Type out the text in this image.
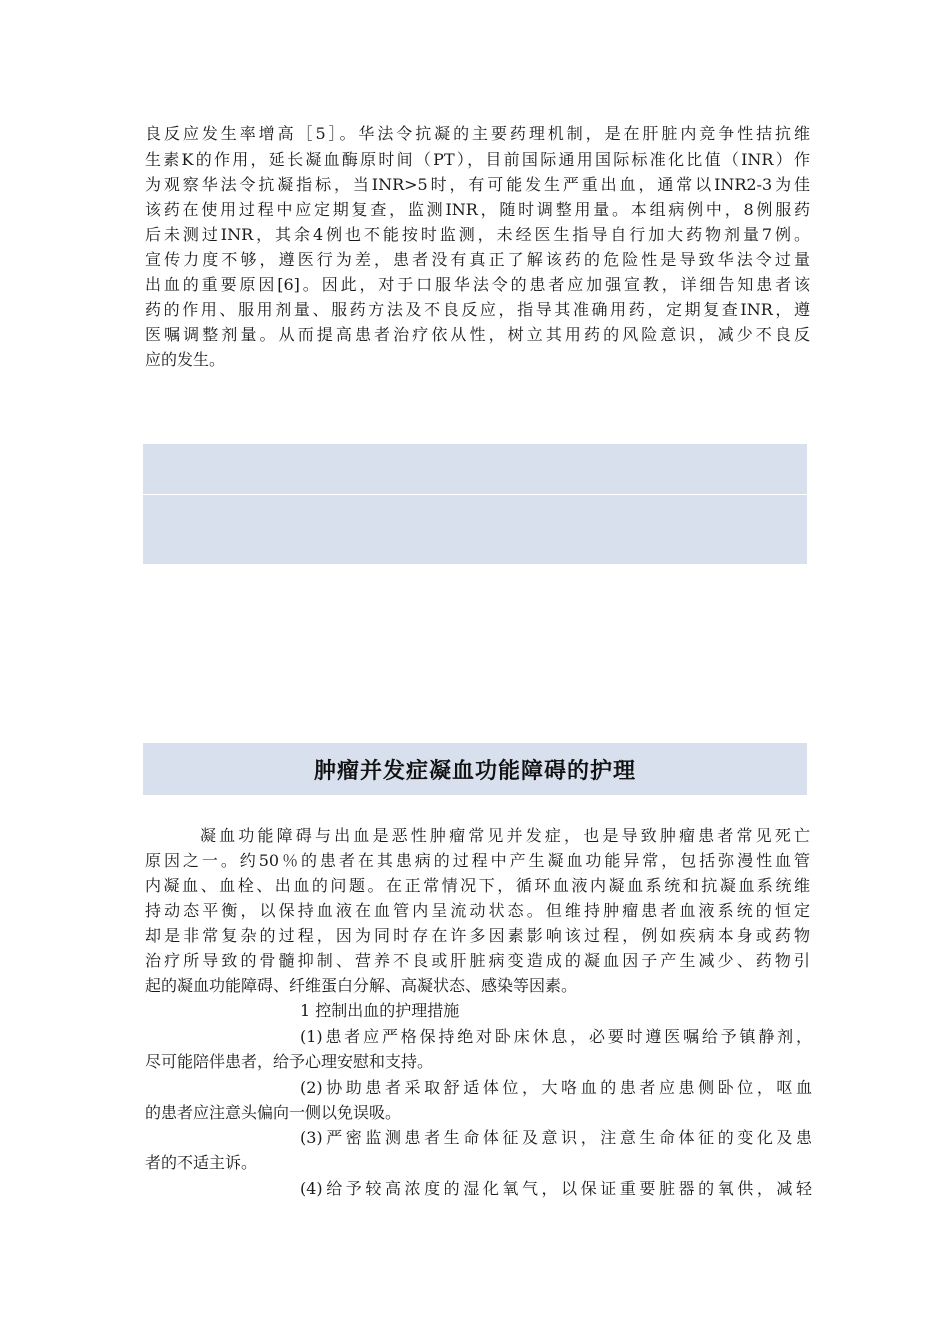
良反应发生率增高［5］。华法令抗凝的主要药理机制，是在肝脏内竞争性拮抗维
生素K的作用，延长凝血酶原时间（PT），目前国际通用国际标准化比值（INR）作
为观察华法令抗凝指标，当INR>5时，有可能发生严重出血，通常以INR2-3为佳
该药在使用过程中应定期复查，监测INR，随时调整用量。本组病例中，8例服药
后未测过INR，其余4例也不能按时监测，未经医生指导自行加大药物剂量7例。
宣传力度不够，遵医行为差，患者没有真正了解该药的危险性是导致华法令过量
出血的重要原因[6]。因此，对于口服华法令的患者应加强宣教，详细告知患者该
药的作用、服用剂量、服药方法及不良反应，指导其准确用药，定期复查INR，遵
医嘱调整剂量。从而提高患者治疗依从性，树立其用药的风险意识，减少不良反
应的发生。
肿瘤并发症凝血功能障碍的护理
凝血功能障碍与出血是恶性肿瘤常见并发症，也是导致肿瘤患者常见死亡
原因之一。约50％的患者在其患病的过程中产生凝血功能异常，包括弥漫性血管
内凝血、血栓、出血的问题。在正常情况下，循环血液内凝血系统和抗凝血系统维
持动态平衡，以保持血液在血管内呈流动状态。但维持肿瘤患者血液系统的恒定
却是非常复杂的过程，因为同时存在许多因素影响该过程，例如疾病本身或药物
治疗所导致的骨髓抑制、营养不良或肝脏病变造成的凝血因子产生减少、药物引
起的凝血功能障碍、纤维蛋白分解、高凝状态、感染等因素。
1 控制出血的护理措施
(1)患者应严格保持绝对卧床休息，必要时遵医嘱给予镇静剂，
尽可能陪伴患者，给予心理安慰和支持。
(2)协助患者采取舒适体位，大咯血的患者应患侧卧位，呕血
的患者应注意头偏向一侧以免误吸。
(3)严密监测患者生命体征及意识，注意生命体征的变化及患
者的不适主诉。
(4)给予较高浓度的湿化氧气，以保证重要脏器的氧供，减轻
